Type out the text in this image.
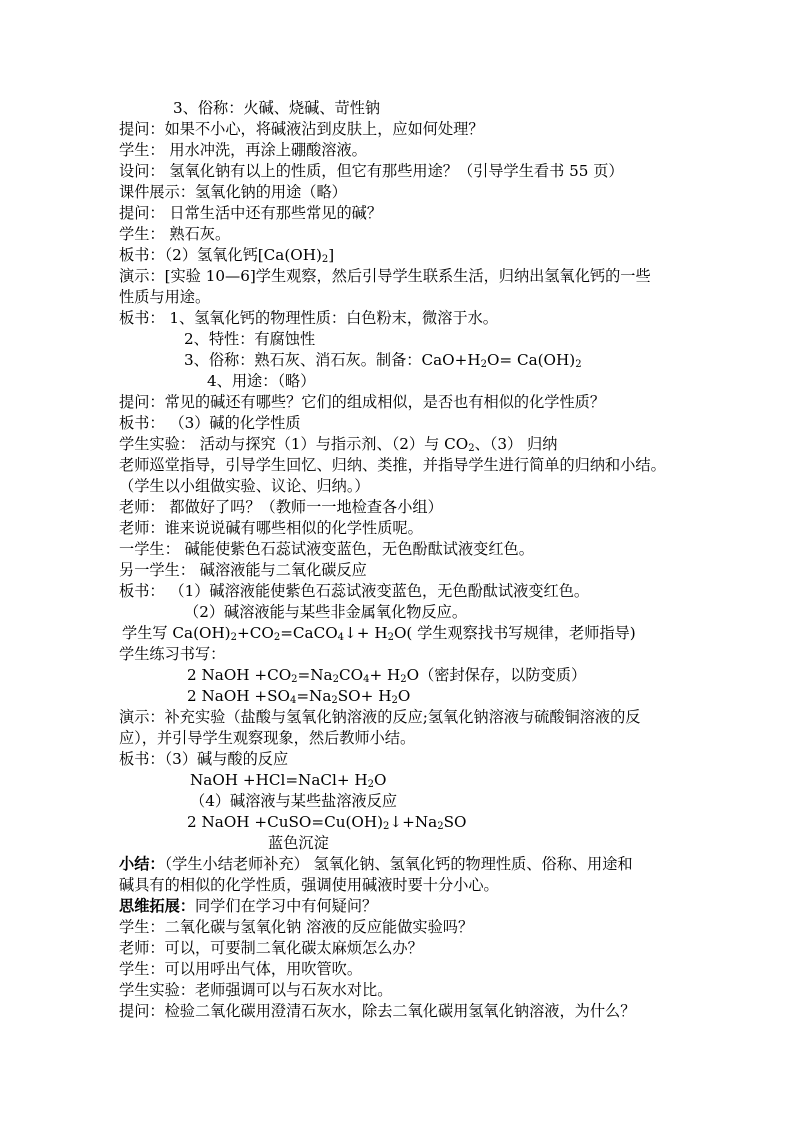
3、俗称：火碱、烧碱、苛性钠
提问：如果不小心，将碱液沾到皮肤上，应如何处理？
学生： 用水冲洗，再涂上硼酸溶液。
设问： 氢氧化钠有以上的性质，但它有那些用途？（引导学生看书 55 页）
课件展示：氢氧化钠的用途（略）
提问： 日常生活中还有那些常见的碱？
学生： 熟石灰。
板书：（2）氢氧化钙$[Ca(OH)_2]$
演示：[实验 10—6]学生观察，然后引导学生联系生活，归纳出氢氧化钙的一些
性质与用途。
板书： 1、氢氧化钙的物理性质：白色粉末，微溶于水。
2、特性：有腐蚀性
3、俗称：熟石灰、消石灰。制备：$CaO+H_2O= Ca(OH)_2$
4、用途：（略）
提问：常见的碱还有哪些？它们的组成相似，是否也有相似的化学性质？
板书： （3）碱的化学性质
学生实验： 活动与探究（1）与指示剂、（2）与 $CO_2$、（3） 归纳
老师巡堂指导，引导学生回忆、归纳、类推，并指导学生进行简单的归纳和小结。
（学生以小组做实验、议论、归纳。）
老师： 都做好了吗？（教师一一地检查各小组）
老师：谁来说说碱有哪些相似的化学性质呢。
一学生： 碱能使紫色石蕊试液变蓝色，无色酚酞试液变红色。
另一学生： 碱溶液能与二氧化碳反应
板书： （1）碱溶液能使紫色石蕊试液变蓝色，无色酚酞试液变红色。
（2）碱溶液能与某些非金属氧化物反应。
学生写 $Ca(OH)_2+CO_2=CaCO_4↓+ H_2O$( 学生观察找书写规律，老师指导)
学生练习书写：
2 NaOH $+CO_2=Na_2CO_4+ H_2O$（密封保存，以防变质）
2 NaOH $+SO_4=Na_2SO+ H_2O$
演示：补充实验（盐酸与氢氧化钠溶液的反应;氢氧化钠溶液与硫酸铜溶液的反
应），并引导学生观察现象，然后教师小结。
板书：（3）碱与酸的反应
NaOH +HCl=NaCl+ $H_2O$
（4）碱溶液与某些盐溶液反应
2 NaOH $+CuSO=Cu(OH)_2↓+Na_2SO$
蓝色沉淀
小结：（学生小结老师补充） 氢氧化钠、氢氧化钙的物理性质、俗称、用途和
碱具有的相似的化学性质，强调使用碱液时要十分小心。
思维拓展：同学们在学习中有何疑问？
学生：二氧化碳与氢氧化钠 溶液的反应能做实验吗？
老师：可以，可要制二氧化碳太麻烦怎么办？
学生：可以用呼出气体，用吹管吹。
学生实验：老师强调可以与石灰水对比。
提问：检验二氧化碳用澄清石灰水，除去二氧化碳用氢氧化钠溶液，为什么？
